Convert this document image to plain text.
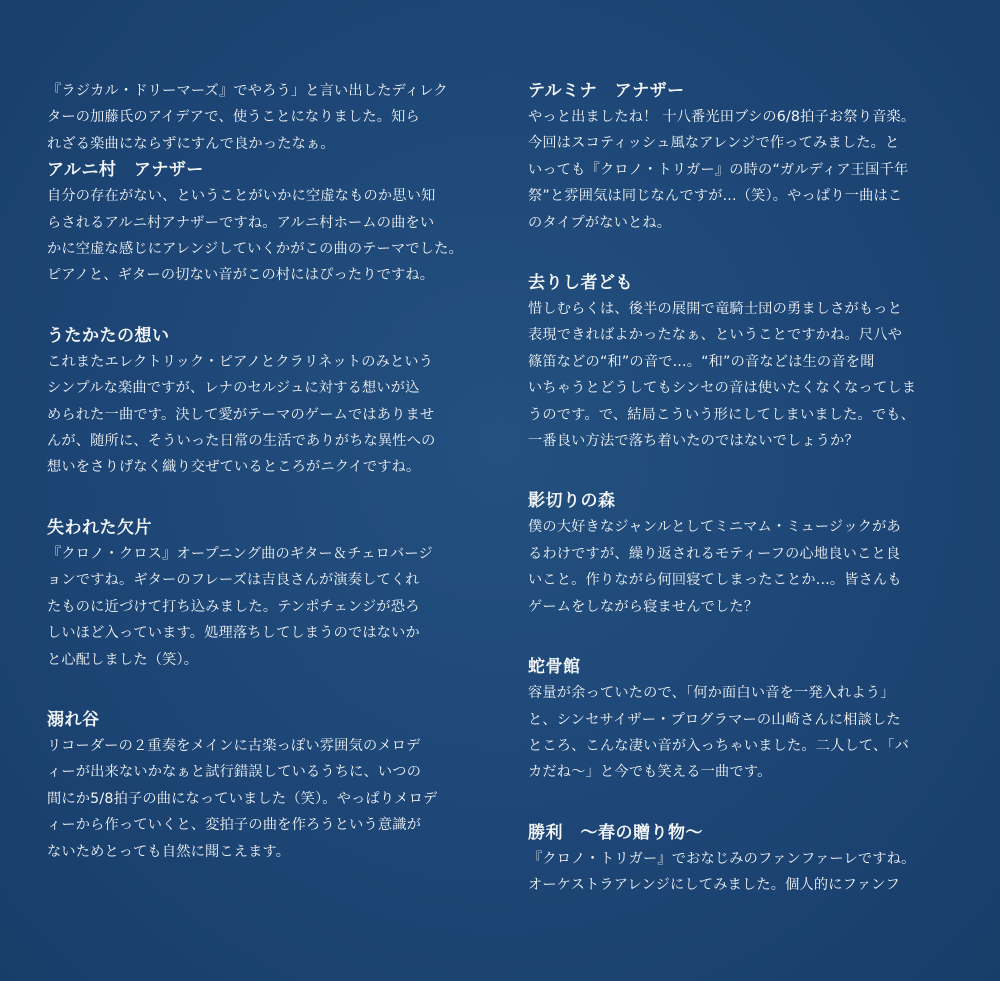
『ラジカル・ドリーマーズ』でやろう」と言い出したディレク
ターの加藤氏のアイデアで、使うことになりました。知ら
れざる楽曲にならずにすんで良かったなぁ。

アルニ村　アナザー

自分の存在がない、ということがいかに空虚なものか思い知
らされるアルニ村アナザーですね。アルニ村ホームの曲をい
かに空虚な感じにアレンジしていくかがこの曲のテーマでした。
ピアノと、ギターの切ない音がこの村にはぴったりですね。

うたかたの想い

これまたエレクトリック・ピアノとクラリネットのみという
シンプルな楽曲ですが、レナのセルジュに対する想いが込
められた一曲です。決して愛がテーマのゲームではありませ
んが、随所に、そういった日常の生活でありがちな異性への
想いをさりげなく織り交ぜているところがニクイですね。

失われた欠片

『クロノ・クロス』オープニング曲のギター＆チェロバージ
ョンですね。ギターのフレーズは吉良さんが演奏してくれ
たものに近づけて打ち込みました。テンポチェンジが恐ろ
しいほど入っています。処理落ちしてしまうのではないか
と心配しました（笑）。

溺れ谷

リコーダーの２重奏をメインに古楽っぽい雰囲気のメロデ
ィーが出来ないかなぁと試行錯誤しているうちに、いつの
間にか5/8拍子の曲になっていました（笑）。やっぱりメロデ
ィーから作っていくと、変拍子の曲を作ろうという意識が
ないためとっても自然に聞こえます。

テルミナ　アナザー

やっと出ましたね！ 十八番光田ブシの6/8拍子お祭り音楽。
今回はスコティッシュ風なアレンジで作ってみました。と
いっても『クロノ・トリガー』の時の“ガルディア王国千年
祭”と雰囲気は同じなんですが...（笑）。やっぱり一曲はこ
のタイプがないとね。

去りし者ども

惜しむらくは、後半の展開で竜騎士団の勇ましさがもっと
表現できればよかったなぁ、ということですかね。尺八や
篠笛などの“和”の音で...。“和”の音などは生の音を聞
いちゃうとどうしてもシンセの音は使いたくなくなってしま
うのです。で、結局こういう形にしてしまいました。でも、
一番良い方法で落ち着いたのではないでしょうか？

影切りの森

僕の大好きなジャンルとしてミニマム・ミュージックがあ
るわけですが、繰り返されるモティーフの心地良いこと良
いこと。作りながら何回寝てしまったことか...。皆さんも
ゲームをしながら寝ませんでした？

蛇骨館

容量が余っていたので、「何か面白い音を一発入れよう」
と、シンセサイザー・プログラマーの山崎さんに相談した
ところ、こんな凄い音が入っちゃいました。二人して、「バ
カだね～」と今でも笑える一曲です。

勝利　～春の贈り物～

『クロノ・トリガー』でおなじみのファンファーレですね。
オーケストラアレンジにしてみました。個人的にファンフ
